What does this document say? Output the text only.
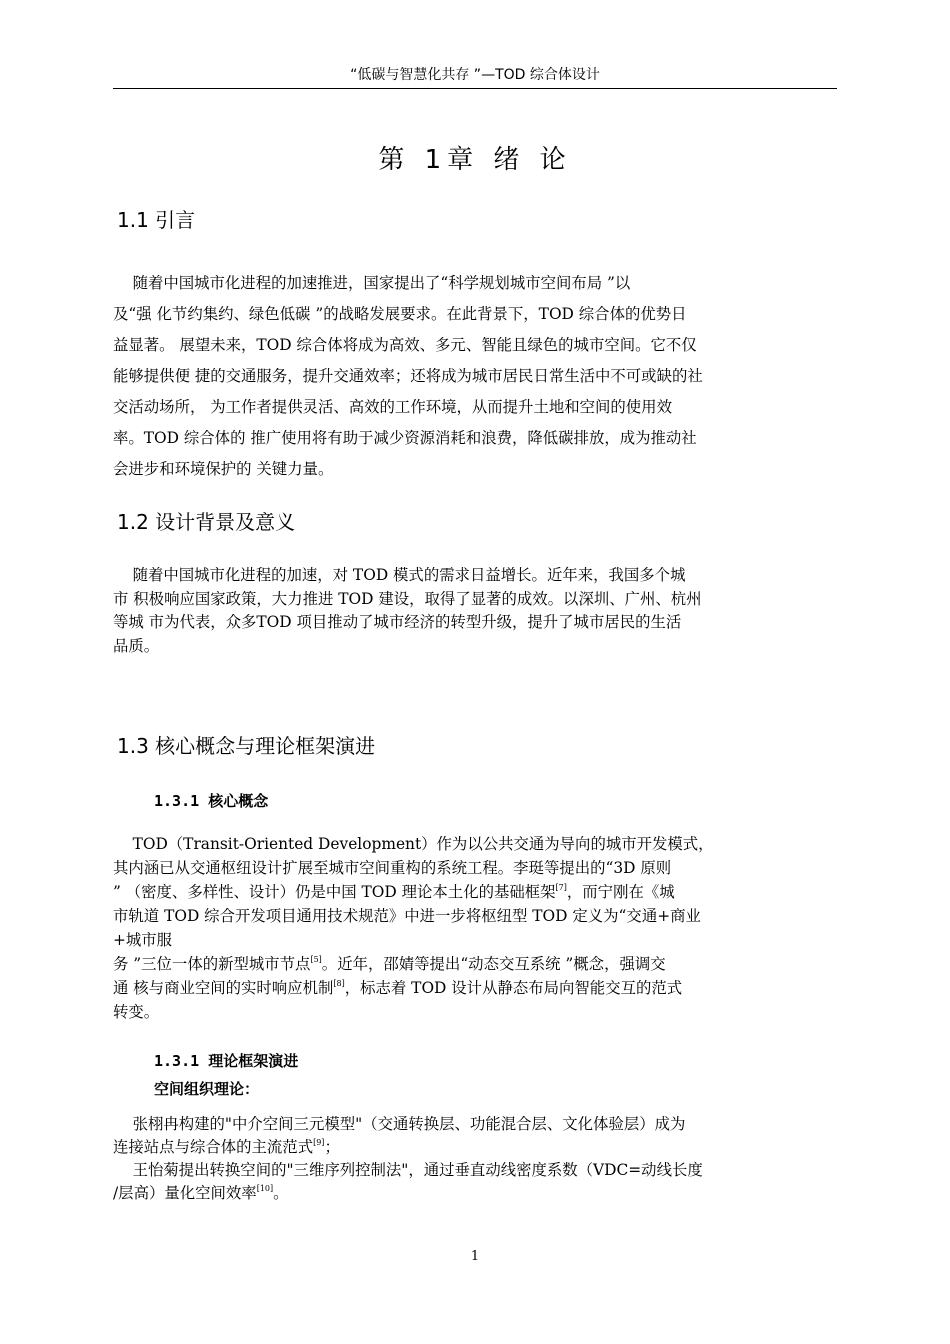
“低碳与智慧化共存 ”—TOD 综合体设计
第 1章 绪 论
1.1 引言
随着中国城市化进程的加速推进，国家提出了“科学规划城市空间布局 ”以
及“强 化节约集约、绿色低碳 ”的战略发展要求。在此背景下，TOD 综合体的优势日
益显著。 展望未来，TOD 综合体将成为高效、多元、智能且绿色的城市空间。它不仅
能够提供便 捷的交通服务，提升交通效率；还将成为城市居民日常生活中不可或缺的社
交活动场所， 为工作者提供灵活、高效的工作环境，从而提升土地和空间的使用效
率。TOD 综合体的 推广使用将有助于减少资源消耗和浪费，降低碳排放，成为推动社
会进步和环境保护的 关键力量。
1.2 设计背景及意义
随着中国城市化进程的加速，对 TOD 模式的需求日益增长。近年来，我国多个城
市 积极响应国家政策，大力推进 TOD 建设，取得了显著的成效。以深圳、广州、杭州
等城 市为代表，众多TOD 项目推动了城市经济的转型升级，提升了城市居民的生活
品质。
1.3 核心概念与理论框架演进
1.3.1 核心概念
TOD（Transit-Oriented Development）作为以公共交通为导向的城市开发模式，
其内涵已从交通枢纽设计扩展至城市空间重构的系统工程。李珽等提出的“3D 原则
” （密度、多样性、设计）仍是中国 TOD 理论本土化的基础框架[7]，而宁刚在《城
市轨道 TOD 综合开发项目通用技术规范》中进一步将枢纽型 TOD 定义为“交通+商业
+城市服
务 ”三位一体的新型城市节点[5]。近年，邵婧等提出“动态交互系统 ”概念，强调交
通 核与商业空间的实时响应机制[8]，标志着 TOD 设计从静态布局向智能交互的范式
转变。
1.3.1 理论框架演进
空间组织理论：
张栩冉构建的"中介空间三元模型"（交通转换层、功能混合层、文化体验层）成为
连接站点与综合体的主流范式[9]；
王怡菊提出转换空间的"三维序列控制法"，通过垂直动线密度系数（VDC=动线长度
/层高）量化空间效率[10]。
1
